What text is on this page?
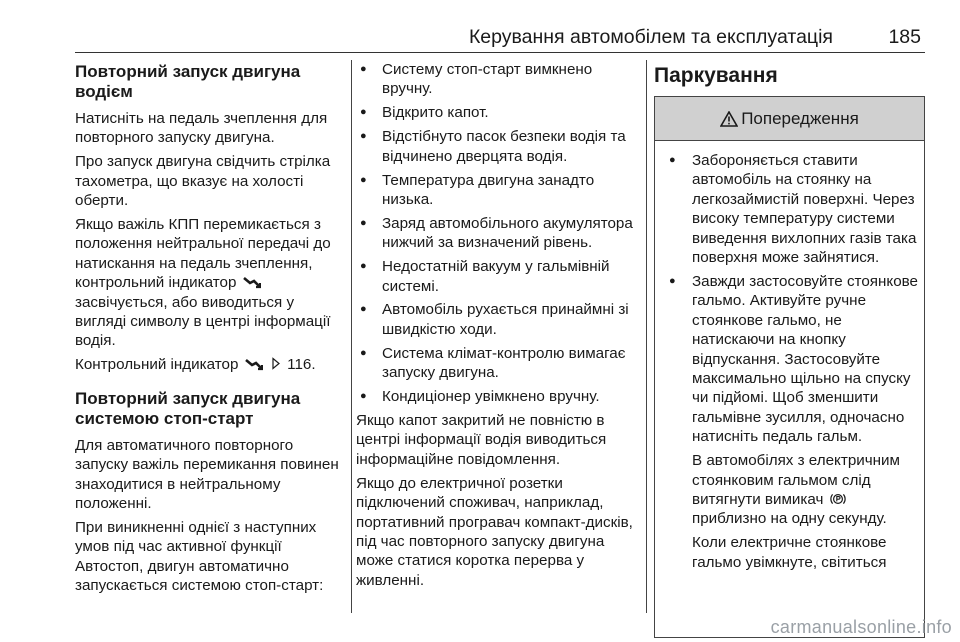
Керування автомобілем та експлуатація	185
Повторний запуск двигуна водієм

Натисніть на педаль зчеплення для повторного запуску двигуна.

Про запуск двигуна свідчить стрілка тахометра, що вказує на холості оберти.

Якщо важіль КПП перемикається з положення нейтральної передачі до натискання на педаль зчеплення, контрольний індикатор  засвічується, або виводиться у вигляді символу в центрі інформації водія.

Контрольний індикатор	116.

Повторний запуск двигуна системою стоп-старт

Для автоматичного повторного запуску важіль перемикання повинен знаходитися в нейтральному положенні.

При виникненні однієї з наступних умов під час активної функції Автостоп, двигун автоматично запускається системою стоп-старт:

● Систему стоп-старт вимкнено вручну.
● Відкрито капот.
● Відстібнуто пасок безпеки водія та відчинено дверцята водія.
● Температура двигуна занадто низька.
● Заряд автомобільного акумулятора нижчий за визначений рівень.
● Недостатній вакуум у гальмівній системі.
● Автомобіль рухається принаймні зі швидкістю ходи.
● Система клімат-контролю вимагає запуску двигуна.
● Кондиціонер увімкнено вручну.

Якщо капот закритий не повністю в центрі інформації водія виводиться інформаційне повідомлення.

Якщо до електричної розетки підключений споживач, наприклад, портативний програвач компакт-дисків, під час повторного запуску двигуна може статися коротка перерва у живленні.

Паркування
Попередження
● Забороняється ставити автомобіль на стоянку на легкозаймистій поверхні. Через високу температуру системи виведення вихлопних газів така поверхня може зайнятися.
● Завжди застосовуйте стоянкове гальмо. Активуйте ручне стоянкове гальмо, не натискаючи на кнопку відпускання. Застосовуйте максимально щільно на спуску чи підйомі. Щоб зменшити гальмівне зусилля, одночасно натисніть педаль гальм.

В автомобілях з електричним стоянковим гальмом слід витягнути вимикач  приблизно на одну секунду.

Коли електричне стоянкове гальмо увімкнуте, світиться

carmanualsonline.info
